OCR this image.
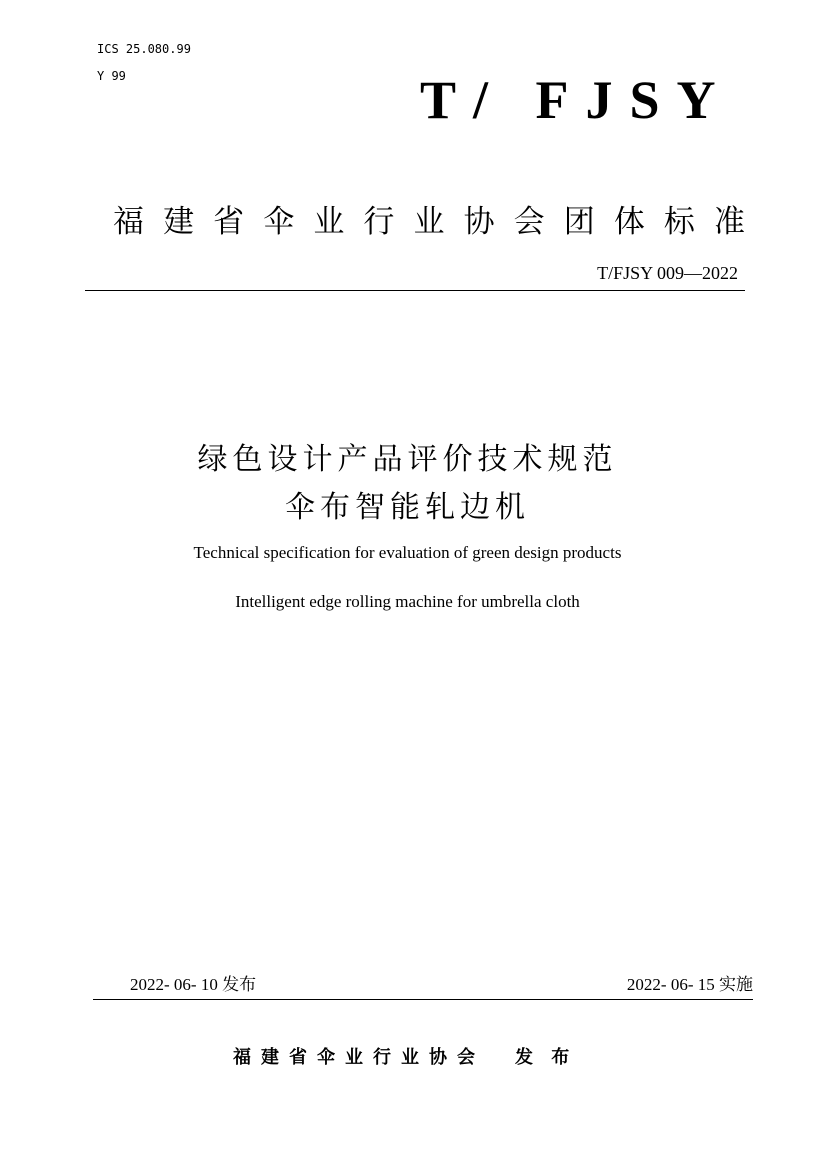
ICS 25.080.99
Y 99	T/ FJSY
福 建 省 伞 业 行 业 协 会 团 体 标 准
T/FJSY 009—2022
绿色设计产品评价技术规范
伞布智能轧边机
Technical specification for evaluation of green design products
Intelligent edge rolling machine for umbrella cloth
2022- 06- 10 发布	2022- 06- 15 实施
福建省伞业行业协会 发 布
